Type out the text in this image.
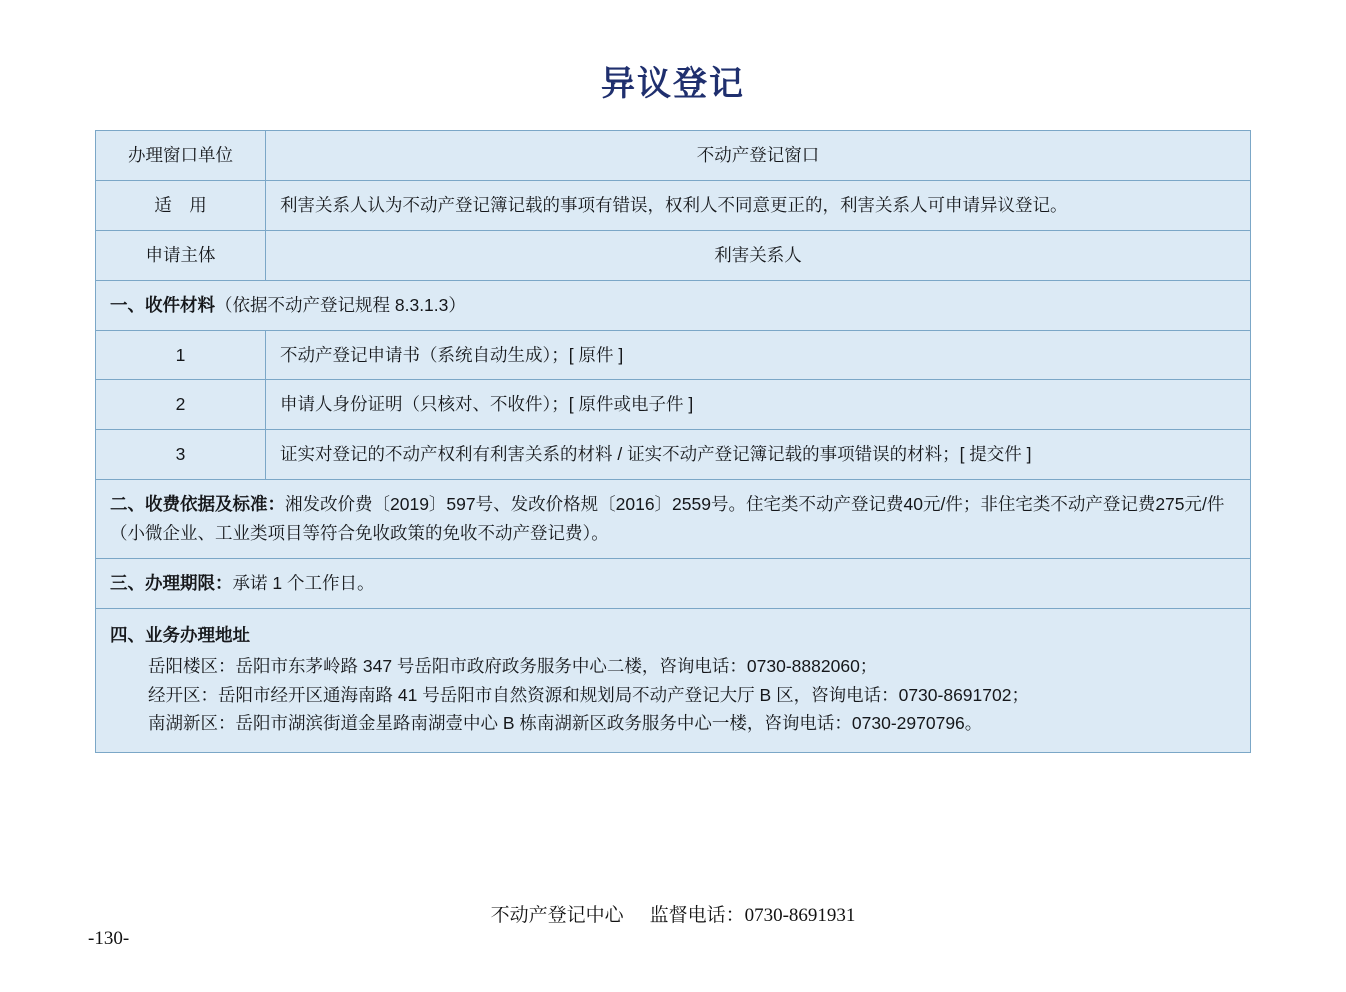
异议登记
办理窗口单位	不动产登记窗口
适　用	利害关系人认为不动产登记簿记载的事项有错误，权利人不同意更正的，利害关系人可申请异议登记。
申请主体	利害关系人
一、收件材料（依据不动产登记规程 8.3.1.3）	
1	不动产登记申请书（系统自动生成）；[ 原件 ]
2	申请人身份证明（只核对、不收件）；[ 原件或电子件 ]
3	证实对登记的不动产权利有利害关系的材料 / 证实不动产登记簿记载的事项错误的材料；[ 提交件 ]
二、收费依据及标准：湘发改价费〔2019〕597号、发改价格规〔2016〕2559号。住宅类不动产登记费40元/件；非住宅类不动产登记费275元/件（小微企业、工业类项目等符合免收政策的免收不动产登记费）。	
三、办理期限：承诺 1 个工作日。	

四、业务办理地址
岳阳楼区：岳阳市东茅岭路 347 号岳阳市政府政务服务中心二楼，咨询电话：0730-8882060；
经开区：岳阳市经开区通海南路 41 号岳阳市自然资源和规划局不动产登记大厅 B 区，咨询电话：0730-8691702；
南湖新区：岳阳市湖滨街道金星路南湖壹中心 B 栋南湖新区政务服务中心一楼，咨询电话：0730-2970796。	
-130-
不动产登记中心 监督电话：0730-8691931
